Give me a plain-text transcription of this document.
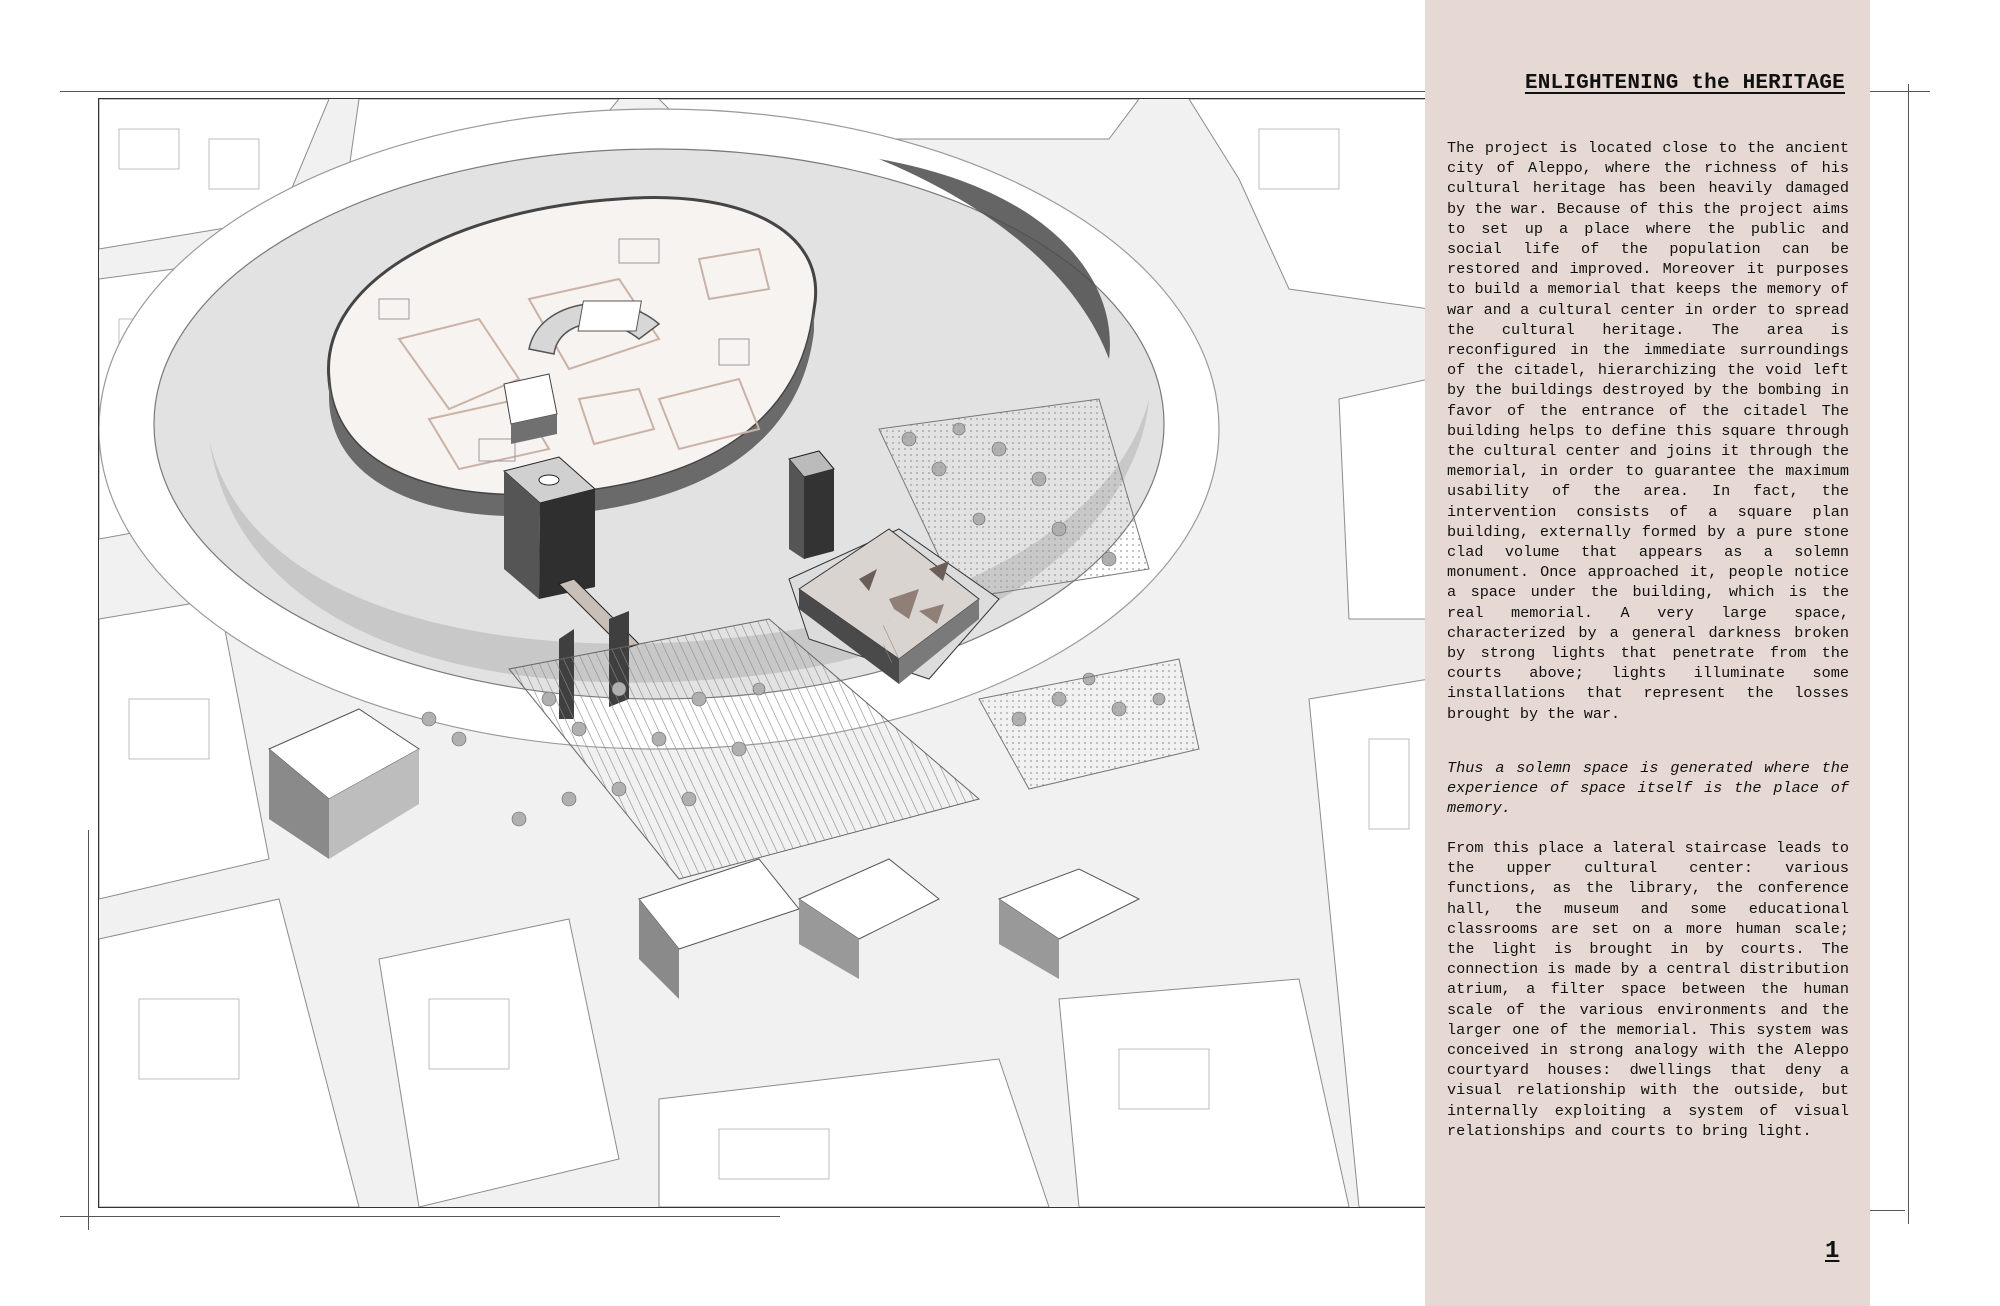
ENLIGHTENING the HERITAGE

The project is located close to the ancient city of Aleppo, where the richness of his cultural heritage has been heavily damaged by the war. Because of this the project aims to set up a place where the public and social life of the population can be restored and improved. Moreover it purposes to build a memorial that keeps the memory of war and a cultural center in order to spread the cultural heritage. The area is reconfigured in the immediate surroundings of the citadel, hierarchizing the void left by the buildings destroyed by the bombing in favor of the entrance of the citadel The building helps to define this square through the cultural center and joins it through the memorial, in order to guarantee the maximum usability of the area. In fact, the intervention consists of a square plan building, externally formed by a pure stone clad volume that appears as a solemn monument. Once approached it, people notice a space under the building, which is the real memorial. A very large space, characterized by a general darkness broken by strong lights that penetrate from the courts above; lights illuminate some installations that represent the losses brought by the war.

Thus a solemn space is generated where the experience of space itself is the place of memory.

From this place a lateral staircase leads to the upper cultural center: various functions, as the library, the conference hall, the museum and some educational classrooms are set on a more human scale; the light is brought in by courts. The connection is made by a central distribution atrium, a filter space between the human scale of the various environments and the larger one of the memorial. This system was conceived in strong analogy with the Aleppo courtyard houses: dwellings that deny a visual relationship with the outside, but internally exploiting a system of visual relationships and courts to bring light.

1
